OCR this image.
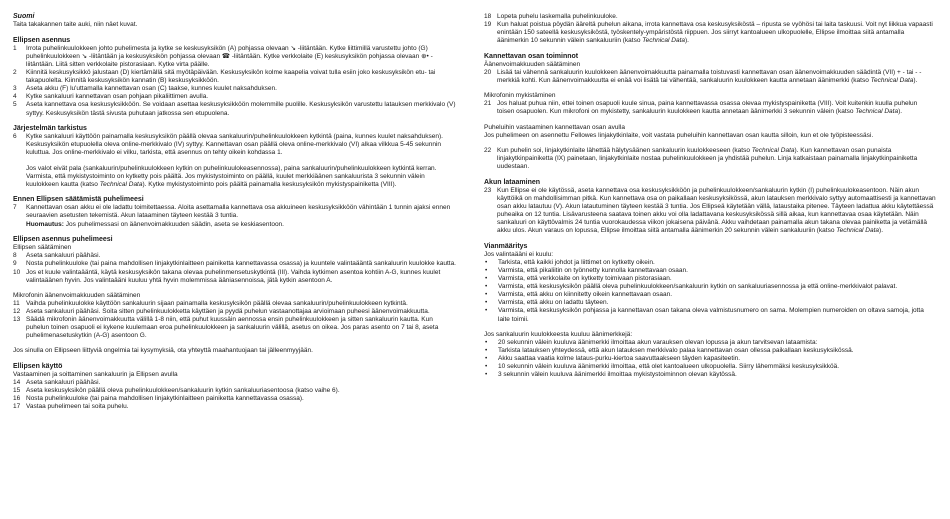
Suomi
Taita takakannen taite auki, niin näet kuvat.
Ellipsen asennus
1	Irrota puhelinkuulokkeen johto puhelimesta ja kytke se keskusyksikön (A) pohjassa olevaan ↘ -liitäntään. Kytke liittimillä varustettu johto (G) puhelinkuulokkeen ↘ -liitäntään ja keskusyksikön pohjassa olevaan ☎ -liitäntään. Kytke verkkolaite (E) keskusyksikön pohjassa olevaan ⊕• -liitäntään. Liitä sitten verkkolaite pistorasiaan. Kytke virta päälle.
2	Kiinnitä keskusyksikkö jalustaan (D) kiertämällä sitä myötäpäivään. Keskusyksikön kolme kaapelia voivat tulla esiin joko keskusyksikön etu- tai takapuolelta. Kiinnitä keskusyksikön kannatin (B) keskusyksikköön.
3	Aseta akku (F) lu'uttamalla kannettavan osan (C) taakse, kunnes kuulet naksahduksen.
4	Kytke sankaluuri kannettavan osan pohjaan pikaliittimen avulla.
5	Aseta kannettava osa keskusyksikköön. Se voidaan asettaa keskusyksikköön molemmille puolille. Keskusyksikön varustettu latauksen merkkivalo (V) syttyy. Keskusyksikön tästä sivusta puhutaan jatkossa sen etupuolena.
Järjestelmän tarkistus
6	Kytke sankaluuri käyttöön painamalla keskusyksikön päällä olevaa sankaluurin/puhelinkuulokkeen kytkintä (paina, kunnes kuulet naksahduksen). Keskusyksikön etupuolella oleva online-merkkivalo (IV) syttyy. Kannettavan osan päällä oleva online-merkkivalo (VI) alkaa vilkkua 5-45 sekunnin kuluttua. Jos online-merkkivalo ei vilku, tarkista, että asennus on tehty oikein kohdassa 1.
Jos valot eivät pala (sankaluurin/puhelinkuulokkeen kytkin on puhelinkuulokeasennossa), paina sankaluurin/puhelinkuulokkeen kytkintä kerran.
Varmista, että mykistystoiminto on kytketty pois päältä. Jos mykistystoiminto on päällä, kuulet merkkiäänen sankaluurista 3 sekunnin välein kuulokkeen kautta (katso Technical Data). Kytke mykistystoiminto pois päältä painamalla keskusyksikön mykistyspainiketta (VIII).
Ennen Ellipsen säätämistä puhelimeesi
7	Kannettavan osan akku ei ole ladattu toimitettaessa. Aloita asettamalla kannettava osa akkuineen keskusyksikköön vähintään 1 tunnin ajaksi ennen seuraavien asetusten tekemistä. Akun lataaminen täyteen kestää 3 tuntia.
Huomautus: Jos puhelimessasi on äänenvoimakkuuden säädin, aseta se keskiasentoon.
Ellipsen asennus puhelimeesi
Ellipsen säätäminen
8	Aseta sankaluuri päähäsi.
9	Nosta puhelinkuuloke (tai paina mahdollisen linjakytkinlaitteen painiketta kannettavassa osassa) ja kuuntele valintaääntä sankaluurin kuulokke kautta.
10 Jos et kuule valintaääntä, käytä keskusyksikön takana olevaa puhelinmensetuskytkintä (III). Vaihda kytkimen asentoa kohtiin A-G, kunnes kuulet valintaäänen hyvin. Jos valintaääni kuuluu yhtä hyvin molemmissa ääniasennoissa, jätä kytkin asentoon A.
Mikrofonin äänenvoimakkuuden säätäminen
11 Vaihda puhelinkuulokke käyttöön sankaluurin sijaan painamalla keskusyksikön päällä olevaa sankaluurin/puhelinkuulokkeen kytkintä.
12 Aseta sankaluuri päähäsi. Soita sitten puhelinkuulokketta käyttäen ja pyydä puhelun vastaanottajaa arvioimaan puheesi äänenvoimakkuutta.
13 Säädä mikrofonin äänenvoimakkuutta välillä 1-8 niin, että puhut kuussäin aennossa ensin puhelinkuulokkeen ja sitten sankaluurin kautta. Kun puhelun toinen osapuoli ei kykene kuulemaan eroa puhelinkuulokkeen ja sankaluurin välillä, asetus on oikea. Jos paras asento on 7 tai 8, aseta puhelimenasetuskytkin (A-G) asentoon G.
Jos sinulla on Ellipseen liittyviä ongelmia tai kysymyksiä, ota yhteyttä maahantuojaan tai jälleenmyyjään.
Ellipsen käyttö
Vastaaminen ja soittaminen sankaluurin ja Ellipsen avulla
14 Aseta sankaluuri päähäsi.
15 Aseta keskusyksikön päällä oleva puhelinkuulokkeen/sankaluurin kytkin sankaluuriasentoosa (katso vaihe 6).
16 Nosta puhelinkuuloke (tai paina mahdollisen linjakytkinlaitteen painiketta kannettavassa osassa).
17 Vastaa puhelimeen tai soita puhelu.
18 Lopeta puhelu laskemalla puhelinkuuloke.
19 Kun haluat poistua pöydän ääreltä puhelun aikana, irrota kannettava osa keskusyksiköstä – ripusta se vyöhösi tai laita taskuusi. Voit nyt liikkua vapaasti enintään 150 sateellä keskusyksiköstä, työskentely-ympäristöstä riippuen. Jos siirryt kantoalueen ulkopuolelle, Ellipse ilmoittaa siitä antamalla äänimerkin 10 sekunnin välein sankaluuriin (katso Technical Data).
Kannettavan osan toiminnot
Äänenvoimakkuuden säätäminen
20 Lisää tai vähennä sankaluurin kuulokkeen äänenvoimakkuutta painamalla toistuvasti kannettavan osan äänenvoimakkuuden säädintä (VII) + - tai - - merkkiä kohti. Kun äänenvoimakkuutta ei enää voi lisätä tai vähentää, sankaluurin kuulokkeen kautta annetaan äänimerkki (katso Technical Data).
Mikrofonin mykistäminen
21 Jos haluat puhua niin, ettei toinen osapuoli kuule sinua, paina kannettavassa osassa olevaa mykistyspainiketta (VIII). Voit kuitenkin kuulla puhelun toisen osapuolen. Kun mikrofoni on mykistetty, sankaluurin kuulokkeen kautta annetaan äänimerkki 3 sekunnin välein (katso Technical Data).
Puheluihin vastaaminen kannettavan osan avulla
Jos puhelimeen on asennettu Fellowes linjakytkinlaite, voit vastata puheluihin kannettavan osan kautta silloin, kun et ole työpisteessäsi.
22 Kun puhelin soi, linjakytkinlaite lähettää hälytysäänen sankaluurin kuulokkeeseen (katso Technical Data). Kun kannettavan osan punaista linjakytkinpainiketta (IX) painetaan, linjakytkinlaite nostaa puhelinkuulokkeen ja yhdistää puhelun. Linja katkaistaan painamalla linjakytkinpainiketta uudestaan.
Akun lataaminen
23 Kun Ellipse ei ole käytössä, aseta kannettava osa keskusyksikköön ja puhelinkuulokkeen/sankaluurin kytkin (I) puhelinkuulokeasentoon. Näin akun käyttöikä on mahdollisimman pitkä. Kun kannettava osa on paikallaan keskusyksikössä, akun latauksen merkkivalo syttyy automaattisesti ja kannettavan osan akku latautuu (V). Akun latautuminen täyteen kestää 3 tuntia. Jos Ellipseä käytetään vällä, lataustaika pitenee. Täyteen ladattua akku käytettäessä puheaika on 12 tuntia. Lisävarusteena saatava toinen akku voi olla ladattavana keskusyksikössä sillä aikaa, kun kannettavaa osaa käytetään. Näin sankaluuri on käyttövalmis 24 tuntia vuorokaudessa viikon jokaisena päivänä. Akku vaihdetaan painamalla akun takana olevaa painiketta ja vetämällä akku ulos. Akun varaus on lopussa, Ellipse ilmoittaa siitä antamalla äänimerkin 20 sekunnin välein sankaluuriin (katso Technical Data).
Vianmääritys
Jos valintaääni ei kuulu:
•	Tarkista, että kaikki johdot ja liittimet on kytketty oikein.
•	Varmista, että pikaliitin on työnnetty kunnolla kannettavaan osaan.
•	Varmista, että verkkolaite on kytketty toimivaan pistorasiaan.
•	Varmista, että keskusyksikön päällä oleva puhelinkuulokkeen/sankaluurin kytkin on sankaluuriasennossa ja että online-merkkivalot palavat.
•	Varmista, että akku on kiinnitetty oikein kannettavaan osaan.
•	Varmista, että akku on ladattu täyteen.
•	Varmista, että keskusyksikön pohjassa ja kannettavan osan takana oleva valmistusnumero on sama. Molempien numeroiden on oltava samoja, jotta laite toimii.
Jos sankaluurin kuulokkeesta kuuluu äänimerkkejä:
•	20 sekunnin välein kuuluva äänimerkki ilmoittaa akun varauksen olevan lopussa ja akun tarvitsevan lataamista:
•	Tarkista latauksen yhteydessä, että akun latauksen merkkivalo palaa kannettavan osan ollessa paikallaan keskusyksikössä.
•	Akku saattaa vaatia kolme lataus-purku-kiertoa saavuttaakseen täyden kapasiteetin.
•	10 sekunnin välein kuuluva äänimerkki ilmoittaa, että olet kantoalueen ulkopuolella. Siirry lähemmäksi keskusyksikköä.
•	3 sekunnin välein kuuluva äänimerkki ilmoittaa mykistystoiminnon olevan käytössä.
